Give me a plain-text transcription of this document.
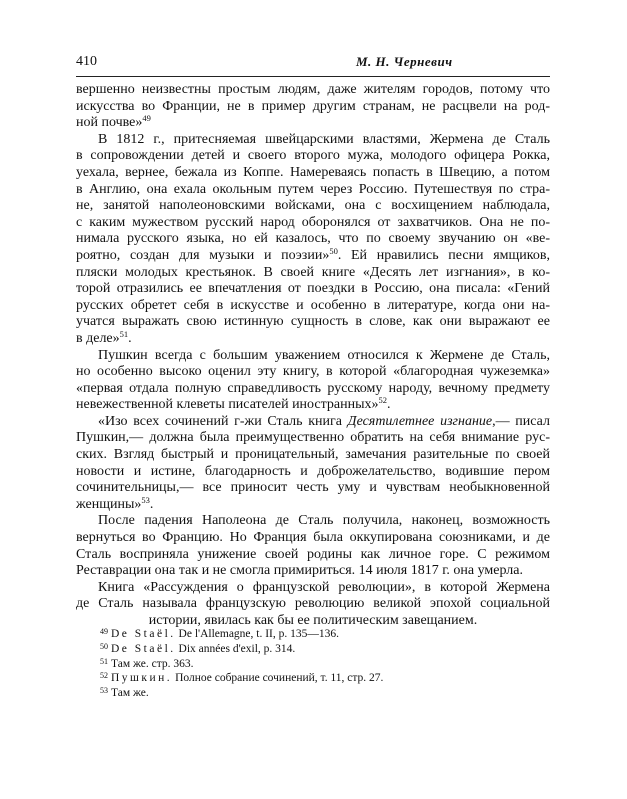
410	М. Н. Черневич
вершенно неизвестны простым людям, даже жителям городов, потому что
искусства во Франции, не в пример другим странам, не расцвели на род-
ной почве»$^{49}$
В 1812 г., притесняемая швейцарскими властями, Жермена де Сталь
в сопровождении детей и своего второго мужа, молодого офицера Рокка,
уехала, вернее, бежала из Коппе. Намереваясь попасть в Швецию, а потом
в Англию, она ехала окольным путем через Россию. Путешествуя по стра-
не, занятой наполеоновскими войсками, она с восхищением наблюдала,
с каким мужеством русский народ оборонялся от захватчиков. Она не по-
нимала русского языка, но ей казалось, что по своему звучанию он «ве-
роятно, создан для музыки и поэзии»$^{50}$. Ей нравились песни ямщиков,
пляски молодых крестьянок. В своей книге «Десять лет изгнания», в ко-
торой отразились ее впечатления от поездки в Россию, она писала: «Гений
русских обретет себя в искусстве и особенно в литературе, когда они на-
учатся выражать свою истинную сущность в слове, как они выражают ее
в деле»$^{51}$.
Пушкин всегда с большим уважением относился к Жермене де Сталь,
но особенно высоко оценил эту книгу, в которой «благородная чужеземка»
«первая отдала полную справедливость русскому народу, вечному предмету
невежественной клеветы писателей иностранных»$^{52}$.
«Изо всех сочинений г-жи Сталь книга Десятилетнее изгнание,— писал
Пушкин,— должна была преимущественно обратить на себя внимание рус-
ских. Взгляд быстрый и проницательный, замечания разительные по своей
новости и истине, благодарность и доброжелательство, водившие пером
сочинительницы,— все приносит честь уму и чувствам необыкновенной
женщины»$^{53}$.
После падения Наполеона де Сталь получила, наконец, возможность
вернуться во Францию. Но Франция была оккупирована союзниками, и де
Сталь восприняла унижение своей родины как личное горе. С режимом
Реставрации она так и не смогла примириться. 14 июля 1817 г. она умерла.
Книга «Рассуждения о французской революции», в которой Жермена
де Сталь называла французскую революцию великой эпохой социальной
истории, явилась как бы ее политическим завещанием.
$^{49}$ De Staël. De l'Allemagne, t. II, p. 135—136.
$^{50}$ De Staël. Dix années d'exil, p. 314.
$^{51}$ Там же. стр. 363.
$^{52}$ Пушкин. Полное собрание сочинений, т. 11, стр. 27.
$^{53}$ Там же.
